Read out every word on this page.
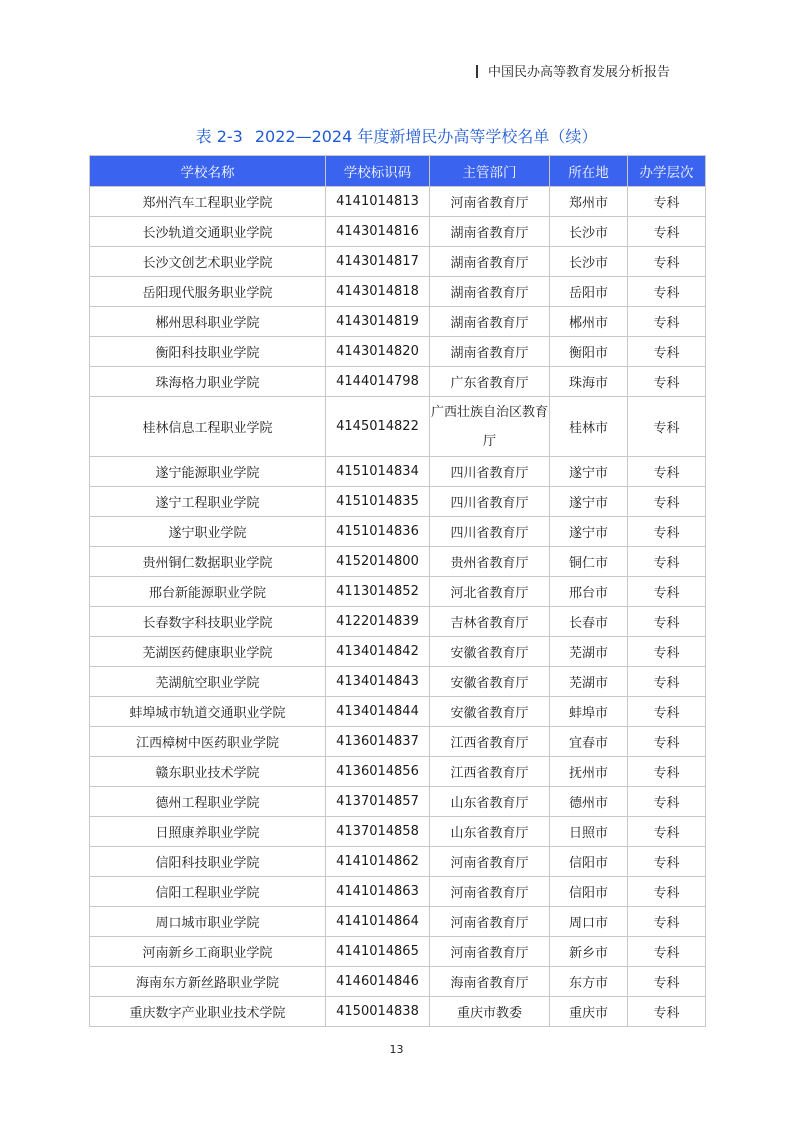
中国民办高等教育发展分析报告
表 2-3 2022—2024 年度新增民办高等学校名单（续）
学校名称	学校标识码	主管部门	所在地	办学层次
郑州汽车工程职业学院	4141014813	河南省教育厅	郑州市	专科
长沙轨道交通职业学院	4143014816	湖南省教育厅	长沙市	专科
长沙文创艺术职业学院	4143014817	湖南省教育厅	长沙市	专科
岳阳现代服务职业学院	4143014818	湖南省教育厅	岳阳市	专科
郴州思科职业学院	4143014819	湖南省教育厅	郴州市	专科
衡阳科技职业学院	4143014820	湖南省教育厅	衡阳市	专科
珠海格力职业学院	4144014798	广东省教育厅	珠海市	专科
桂林信息工程职业学院	4145014822	广西壮族自治区教育厅	桂林市	专科
遂宁能源职业学院	4151014834	四川省教育厅	遂宁市	专科
遂宁工程职业学院	4151014835	四川省教育厅	遂宁市	专科
遂宁职业学院	4151014836	四川省教育厅	遂宁市	专科
贵州铜仁数据职业学院	4152014800	贵州省教育厅	铜仁市	专科
邢台新能源职业学院	4113014852	河北省教育厅	邢台市	专科
长春数字科技职业学院	4122014839	吉林省教育厅	长春市	专科
芜湖医药健康职业学院	4134014842	安徽省教育厅	芜湖市	专科
芜湖航空职业学院	4134014843	安徽省教育厅	芜湖市	专科
蚌埠城市轨道交通职业学院	4134014844	安徽省教育厅	蚌埠市	专科
江西樟树中医药职业学院	4136014837	江西省教育厅	宜春市	专科
赣东职业技术学院	4136014856	江西省教育厅	抚州市	专科
德州工程职业学院	4137014857	山东省教育厅	德州市	专科
日照康养职业学院	4137014858	山东省教育厅	日照市	专科
信阳科技职业学院	4141014862	河南省教育厅	信阳市	专科
信阳工程职业学院	4141014863	河南省教育厅	信阳市	专科
周口城市职业学院	4141014864	河南省教育厅	周口市	专科
河南新乡工商职业学院	4141014865	河南省教育厅	新乡市	专科
海南东方新丝路职业学院	4146014846	海南省教育厅	东方市	专科
重庆数字产业职业技术学院	4150014838	重庆市教委	重庆市	专科
13
